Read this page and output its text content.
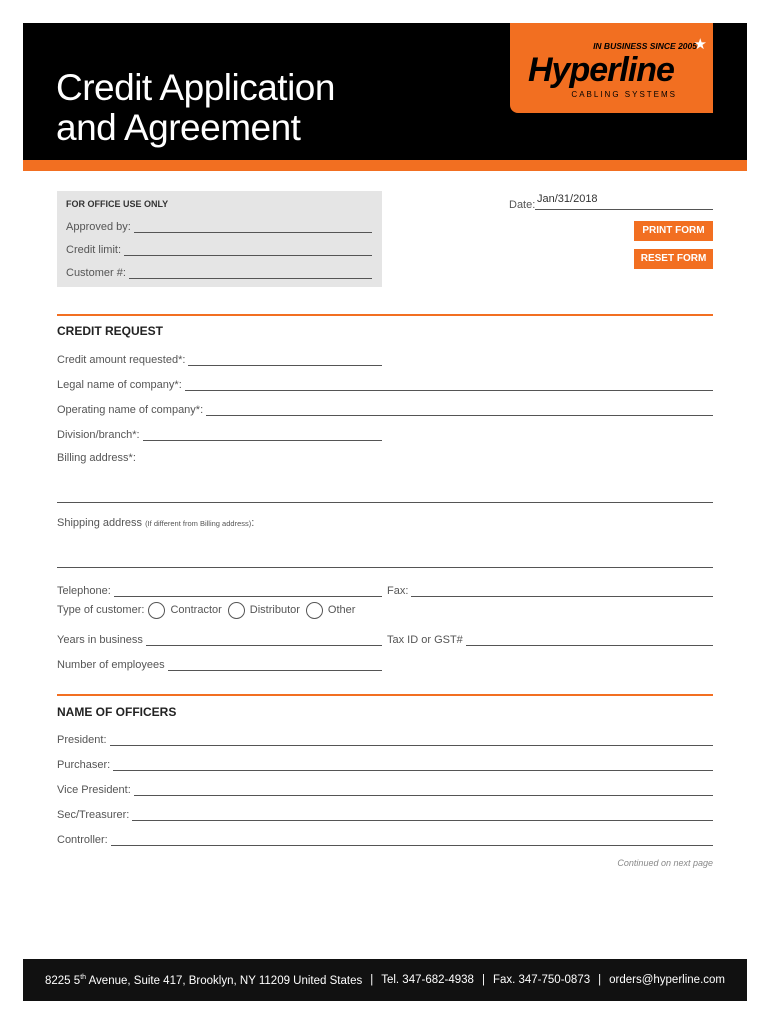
Credit Application
and Agreement
IN BUSINESS SINCE 2005
★
Hyperline
CABLING SYSTEMS
FOR OFFICE USE ONLY
Approved by:
Credit limit:
Customer #:
Date: Jan/31/2018
PRINT FORM
RESET FORM
CREDIT REQUEST
Credit amount requested*:
Legal name of company*:
Operating name of company*:
Division/branch*:
Billing address*:
Shipping address (If different from Billing address):
Telephone:	Fax:
Type of customer: Contractor	Distributor	Other
Years in business	Tax ID or GST#
Number of employees
NAME OF OFFICERS
President:
Purchaser:
Vice President:
Sec/Treasurer:
Controller:
Continued on next page
8225 5th Avenue, Suite 417, Brooklyn, NY 11209 United States | Tel. 347-682-4938 | Fax. 347-750-0873 | orders@hyperline.com
